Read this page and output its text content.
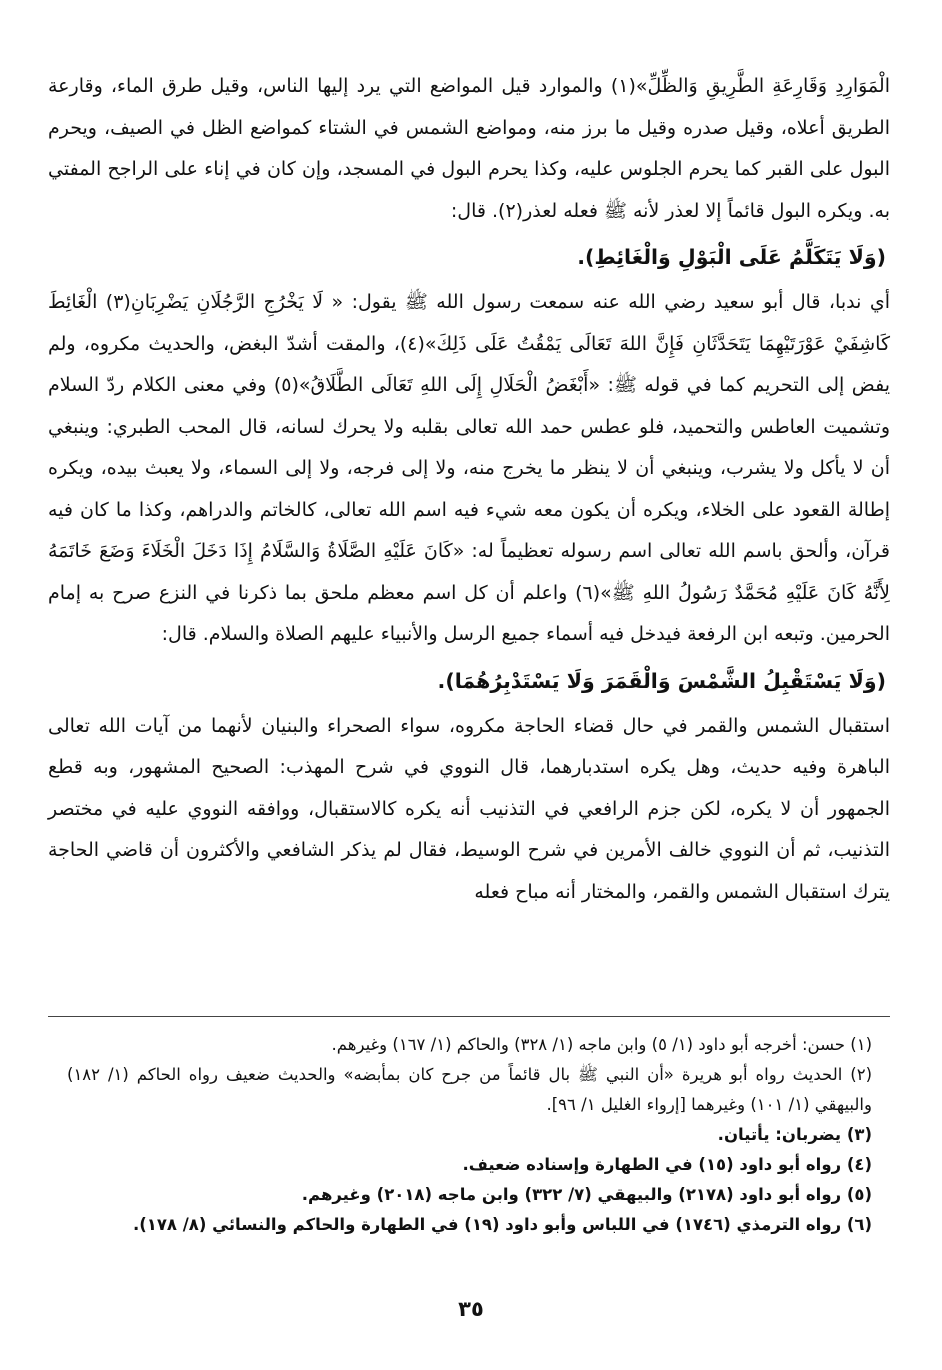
الْمَوَارِدِ وَقَارِعَةِ الطَّرِيقِ وَالظِّلِّ»(١) والموارد قيل المواضع التي يرد إليها الناس، وقيل طرق الماء، وقارعة الطريق أعلاه، وقيل صدره وقيل ما برز منه، ومواضع الشمس في الشتاء كمواضع الظل في الصيف، ويحرم البول على القبر كما يحرم الجلوس عليه، وكذا يحرم البول في المسجد، وإن كان في إناء على الراجح المفتي به. ويكره البول قائماً إلا لعذر لأنه ﷺ فعله لعذر(٢). قال:

(وَلَا يَتَكَلَّمُ عَلَى الْبَوْلِ وَالْغَائِطِ).

أي ندبا، قال أبو سعيد رضي الله عنه سمعت رسول الله ﷺ يقول: « لَا يَخْرُجِ الرَّجُلَانِ يَضْرِبَانِ(٣) الْغَائِطَ كَاشِفَيْ عَوْرَتَيْهِمَا يَتَحَدَّثَانِ فَإِنَّ اللهَ تَعَالَى يَمْقُتُ عَلَى ذَلِكَ»(٤)، والمقت أشدّ البغض، والحديث مكروه، ولم يفض إلى التحريم كما في قوله ﷺ: «أَبْغَضُ الْحَلَالِ إِلَى اللهِ تَعَالَى الطَّلَاقُ»(٥) وفي معنى الكلام ردّ السلام وتشميت العاطس والتحميد، فلو عطس حمد الله تعالى بقلبه ولا يحرك لسانه، قال المحب الطبري: وينبغي أن لا يأكل ولا يشرب، وينبغي أن لا ينظر ما يخرج منه، ولا إلى فرجه، ولا إلى السماء، ولا يعبث بيده، ويكره إطالة القعود على الخلاء، ويكره أن يكون معه شيء فيه اسم الله تعالى، كالخاتم والدراهم، وكذا ما كان فيه قرآن، وألحق باسم الله تعالى اسم رسوله تعظيماً له: «كَانَ عَلَيْهِ الصَّلَاةُ وَالسَّلَامُ إِذَا دَخَلَ الْخَلَاءَ وَضَعَ خَاتَمَهُ لِأَنَّهُ كَانَ عَلَيْهِ مُحَمَّدٌ رَسُولُ اللهِ ﷺ»(٦) واعلم أن كل اسم معظم ملحق بما ذكرنا في النزع صرح به إمام الحرمين. وتبعه ابن الرفعة فيدخل فيه أسماء جميع الرسل والأنبياء عليهم الصلاة والسلام. قال:

(وَلَا يَسْتَقْبِلُ الشَّمْسَ وَالْقَمَرَ وَلَا يَسْتَدْبِرُهُمَا).

استقبال الشمس والقمر في حال قضاء الحاجة مكروه، سواء الصحراء والبنيان لأنهما من آيات الله تعالى الباهرة وفيه حديث، وهل يكره استدبارهما، قال النووي في شرح المهذب: الصحيح المشهور، وبه قطع الجمهور أن لا يكره، لكن جزم الرافعي في التذنيب أنه يكره كالاستقبال، ووافقه النووي عليه في مختصر التذنيب، ثم أن النووي خالف الأمرين في شرح الوسيط، فقال لم يذكر الشافعي والأكثرون أن قاضي الحاجة يترك استقبال الشمس والقمر، والمختار أنه مباح فعله

(١) حسن: أخرجه أبو داود (١/ ٥) وابن ماجه (١/ ٣٢٨) والحاكم (١/ ١٦٧) وغيرهم.

(٢) الحديث رواه أبو هريرة «أن النبي ﷺ بال قائماً من جرح كان بمأبضه» والحديث ضعيف رواه الحاكم (١/ ١٨٢) والبيهقي (١/ ١٠١) وغيرهما [إرواء الغليل ١/ ٩٦].

(٣) يضربان: يأتيان.

(٤) رواه أبو داود (١٥) في الطهارة وإسناده ضعيف.

(٥) رواه أبو داود (٢١٧٨) والبيهقي (٧/ ٣٢٢) وابن ماجه (٢٠١٨) وغيرهم.

(٦) رواه الترمذي (١٧٤٦) في اللباس وأبو داود (١٩) في الطهارة والحاكم والنسائي (٨/ ١٧٨).

٣٥
